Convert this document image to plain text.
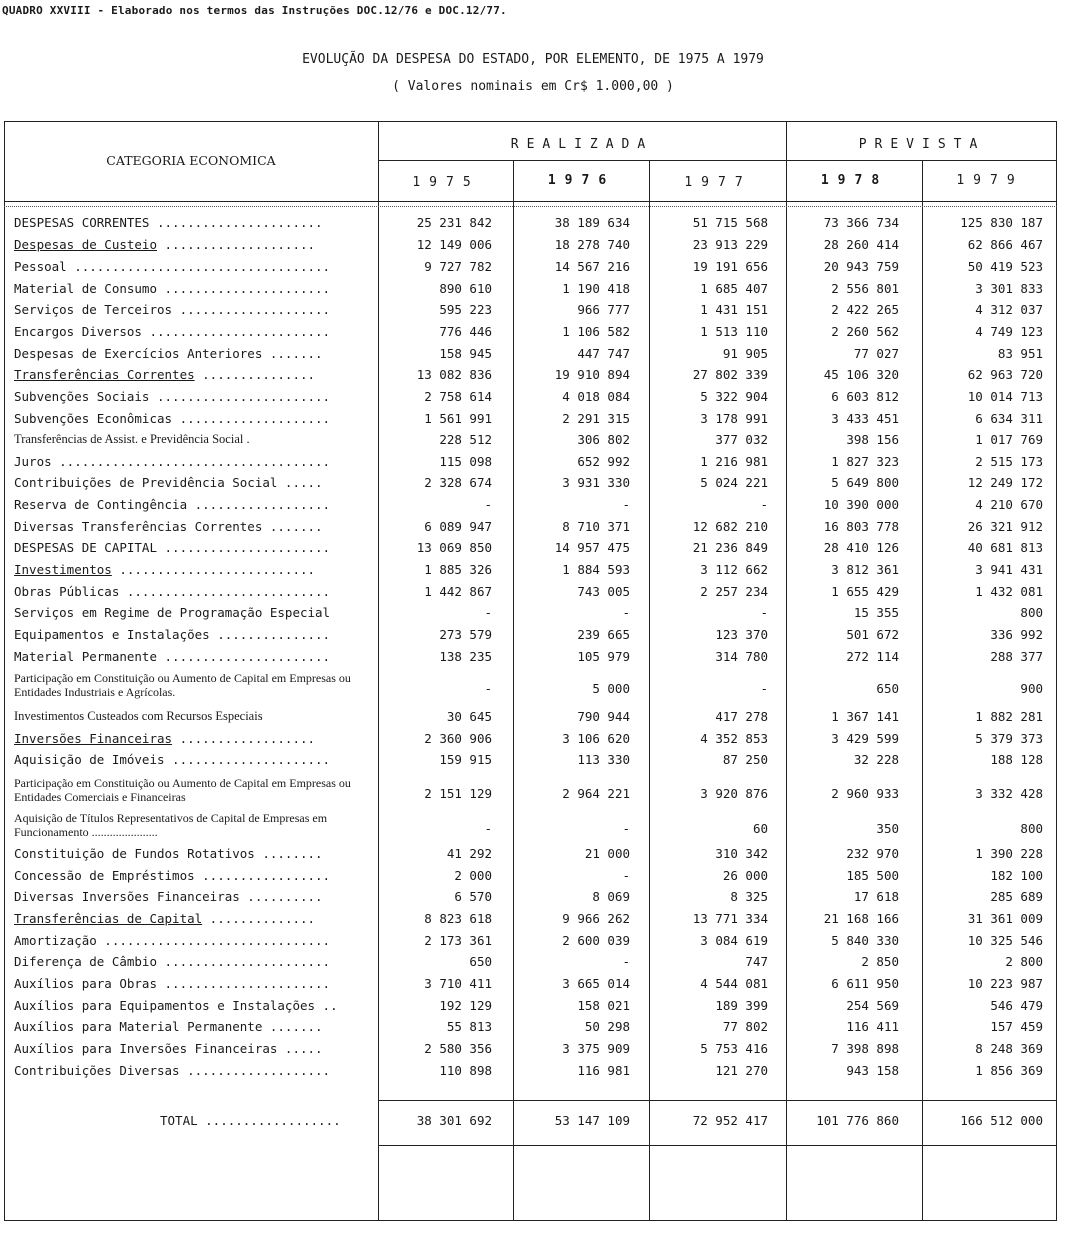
QUADRO XXVIII - Elaborado nos termos das Instruções DOC.12/76 e DOC.12/77.
EVOLUÇÃO DA DESPESA DO ESTADO, POR ELEMENTO, DE 1975 A 1979
( Valores nominais em Cr$ 1.000,00 )
CATEGORIA ECONOMICA
REALIZADA	PREVISTA
1975	1976	1977	1978	1979
DESPESAS CORRENTES ......................	25 231 842	38 189 634	51 715 568	73 366 734	125 830 187
Despesas de Custeio ....................	12 149 006	18 278 740	23 913 229	28 260 414	62 866 467
Pessoal ..................................	9 727 782	14 567 216	19 191 656	20 943 759	50 419 523
Material de Consumo ......................	890 610	1 190 418	1 685 407	2 556 801	3 301 833
Serviços de Terceiros ....................	595 223	966 777	1 431 151	2 422 265	4 312 037
Encargos Diversos ........................	776 446	1 106 582	1 513 110	2 260 562	4 749 123
Despesas de Exercícios Anteriores .......	158 945	447 747	91 905	77 027	83 951
Transferências Correntes ...............	13 082 836	19 910 894	27 802 339	45 106 320	62 963 720
Subvenções Sociais .......................	2 758 614	4 018 084	5 322 904	6 603 812	10 014 713
Subvenções Econômicas ....................	1 561 991	2 291 315	3 178 991	3 433 451	6 634 311
Transferências de Assist. e Previdência Social .	228 512	306 802	377 032	398 156	1 017 769
Juros ....................................	115 098	652 992	1 216 981	1 827 323	2 515 173
Contribuições de Previdência Social .....	2 328 674	3 931 330	5 024 221	5 649 800	12 249 172
Reserva de Contingência ..................	-	-	-	10 390 000	4 210 670
Diversas Transferências Correntes .......	6 089 947	8 710 371	12 682 210	16 803 778	26 321 912
DESPESAS DE CAPITAL ......................	13 069 850	14 957 475	21 236 849	28 410 126	40 681 813
Investimentos ..........................	1 885 326	1 884 593	3 112 662	3 812 361	3 941 431
Obras Públicas ...........................	1 442 867	743 005	2 257 234	1 655 429	1 432 081
Serviços em Regime de Programação Especial	-	-	-	15 355	800
Equipamentos e Instalações ...............	273 579	239 665	123 370	501 672	336 992
Material Permanente ......................	138 235	105 979	314 780	272 114	288 377
Participação em Constituição ou Aumento de Capital em Empresas ou Entidades Industriais e Agrícolas.	-	5 000	-	650	900
Investimentos Custeados com Recursos Especiais	30 645	790 944	417 278	1 367 141	1 882 281
Inversões Financeiras ..................	2 360 906	3 106 620	4 352 853	3 429 599	5 379 373
Aquisição de Imóveis .....................	159 915	113 330	87 250	32 228	188 128
Participação em Constituição ou Aumento de Capital em Empresas ou Entidades Comerciais e Financeiras	2 151 129	2 964 221	3 920 876	2 960 933	3 332 428
Aquisição de Títulos Representativos de Capital de Empresas em Funcionamento ......................	-	-	60	350	800
Constituição de Fundos Rotativos ........	41 292	21 000	310 342	232 970	1 390 228
Concessão de Empréstimos .................	2 000	-	26 000	185 500	182 100
Diversas Inversões Financeiras ..........	6 570	8 069	8 325	17 618	285 689
Transferências de Capital ..............	8 823 618	9 966 262	13 771 334	21 168 166	31 361 009
Amortização ..............................	2 173 361	2 600 039	3 084 619	5 840 330	10 325 546
Diferença de Câmbio ......................	650	-	747	2 850	2 800
Auxílios para Obras ......................	3 710 411	3 665 014	4 544 081	6 611 950	10 223 987
Auxílios para Equipamentos e Instalações ..	192 129	158 021	189 399	254 569	546 479
Auxílios para Material Permanente .......	55 813	50 298	77 802	116 411	157 459
Auxílios para Inversões Financeiras .....	2 580 356	3 375 909	5 753 416	7 398 898	8 248 369
Contribuições Diversas ...................	110 898	116 981	121 270	943 158	1 856 369
TOTAL ..................	38 301 692	53 147 109	72 952 417	101 776 860	166 512 000
